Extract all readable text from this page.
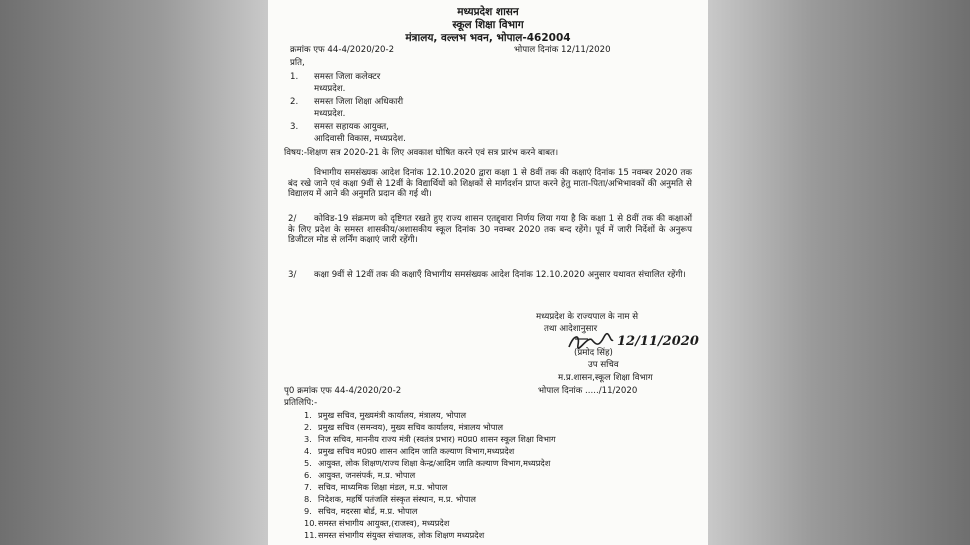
मध्यप्रदेश शासन
स्कूल शिक्षा विभाग
मंत्रालय, वल्लभ भवन, भोपाल-462004
क्रमांक एफ 44-4/2020/20-2	भोपाल दिनांक 12/11/2020
प्रति,
1. समस्त जिला कलेक्टर
मध्यप्रदेश.
2. समस्त जिला शिक्षा अधिकारी
मध्यप्रदेश.
3. समस्त सहायक आयुक्त,
आदिवासी विकास, मध्यप्रदेश.
विषय:-शिक्षण सत्र 2020-21 के लिए अवकाश घोषित करने एवं सत्र प्रारंभ करने बाबत।
विभागीय समसंख्यक आदेश दिनांक 12.10.2020 द्वारा कक्षा 1 से 8वीं तक की कक्षाएं दिनांक 15 नवम्बर 2020 तक बंद रखे जाने एवं कक्षा 9वीं से 12वीं के विद्यार्थियों को शिक्षकों से मार्गदर्शन प्राप्त करने हेतु माता-पिता/अभिभावकों की अनुमति से विद्यालय में आने की अनुमति प्रदान की गई थी।
2/	कोविड-19 संक्रमण को दृष्टिगत रखते हुए राज्य शासन एतद्द्वारा निर्णय लिया गया है कि कक्षा 1 से 8वीं तक की कक्षाओं के लिए प्रदेश के समस्त शासकीय/अशासकीय स्कूल दिनांक 30 नवम्बर 2020 तक बन्द रहेंगे। पूर्व में जारी निर्देशों के अनुरूप डिजीटल मोड से लर्निंग कक्षाएं जारी रहेंगी।
3/	कक्षा 9वीं से 12वीं तक की कक्षाएँ विभागीय समसंख्यक आदेश दिनांक 12.10.2020 अनुसार यथावत संचालित रहेंगी।
मध्यप्रदेश के राज्यपाल के नाम से
तथा आदेशानुसार
12/11/2020
(प्रमोद सिंह)
उप सचिव
म.प्र.शासन,स्कूल शिक्षा विभाग
पृ0 क्रमांक एफ 44-4/2020/20-2	भोपाल दिनांक ...../11/2020
प्रतिलिपि:-
1. प्रमुख सचिव, मुख्यमंत्री कार्यालय, मंत्रालय, भोपाल
2. प्रमुख सचिव (समन्वय), मुख्य सचिव कार्यालय, मंत्रालय भोपाल
3. निज सचिव, माननीय राज्य मंत्री (स्वतंत्र प्रभार) म0प्र0 शासन स्कूल शिक्षा विभाग
4. प्रमुख सचिव म0प्र0 शासन आदिम जाति कल्याण विभाग,मध्यप्रदेश
5. आयुक्त, लोक शिक्षण/राज्य शिक्षा केन्द्र/आदिम जाति कल्याण विभाग,मध्यप्रदेश
6. आयुक्त, जनसंपर्क, म.प्र. भोपाल
7. सचिव, माध्यमिक शिक्षा मंडल, म.प्र. भोपाल
8. निदेशक, महर्षि पतंजलि संस्कृत संस्थान, म.प्र. भोपाल
9. सचिव, मदरसा बोर्ड, म.प्र. भोपाल
10.समस्त संभागीय आयुक्त,(राजस्व), मध्यप्रदेश
11.समस्त संभागीय संयुक्त संचालक, लोक शिक्षण मध्यप्रदेश
